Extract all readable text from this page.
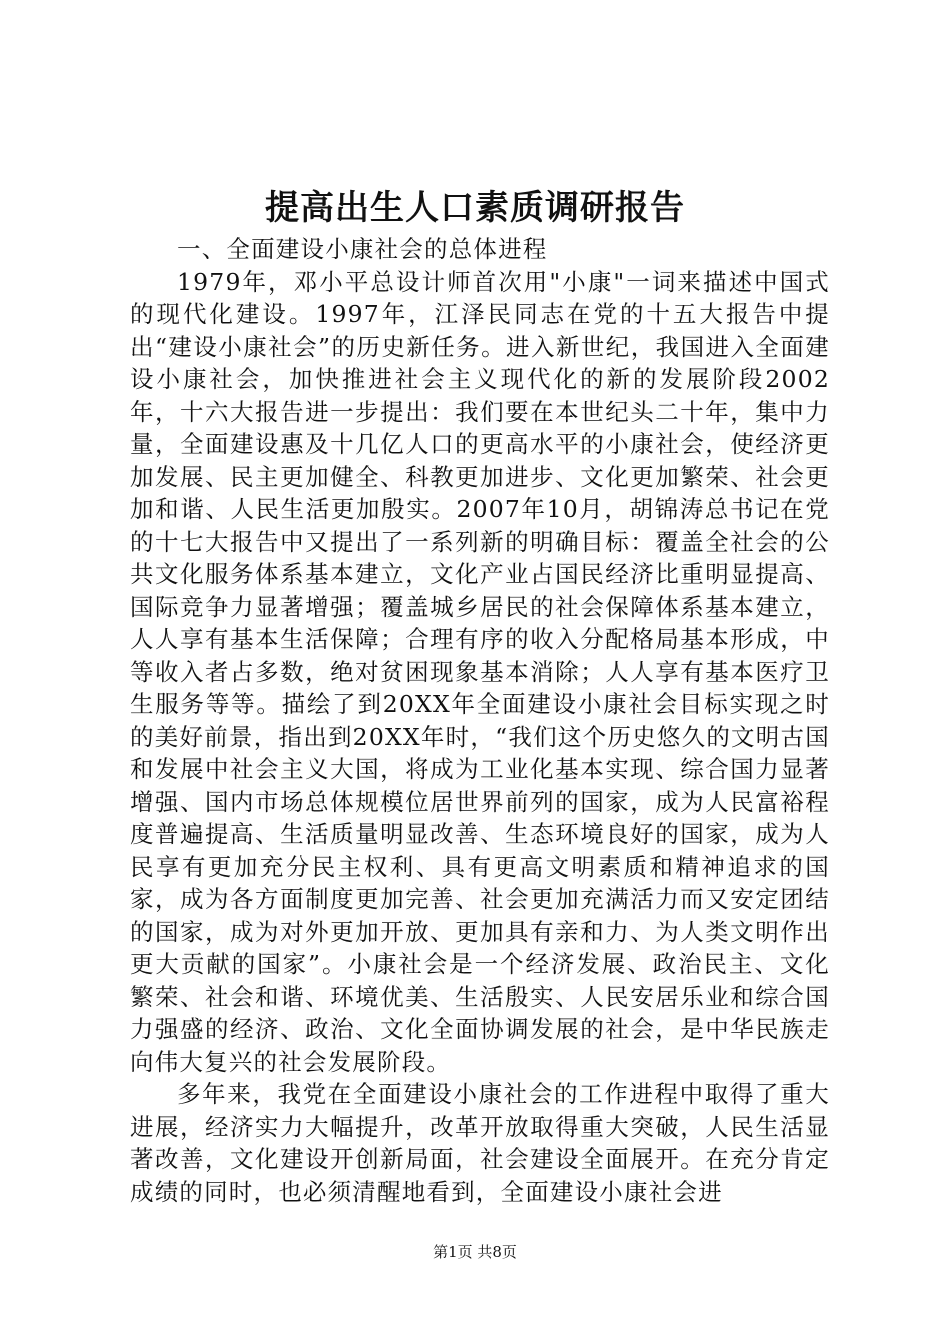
提高出生人口素质调研报告

一、全面建设小康社会的总体进程

1979年，邓小平总设计师首次用"小康"一词来描述中国式的现代化建设。1997年，江泽民同志在党的十五大报告中提出“建设小康社会”的历史新任务。进入新世纪，我国进入全面建设小康社会，加快推进社会主义现代化的新的发展阶段2002年，十六大报告进一步提出：我们要在本世纪头二十年，集中力量，全面建设惠及十几亿人口的更高水平的小康社会，使经济更加发展、民主更加健全、科教更加进步、文化更加繁荣、社会更加和谐、人民生活更加殷实。2007年10月，胡锦涛总书记在党的十七大报告中又提出了一系列新的明确目标：覆盖全社会的公共文化服务体系基本建立，文化产业占国民经济比重明显提高、国际竞争力显著增强；覆盖城乡居民的社会保障体系基本建立，人人享有基本生活保障；合理有序的收入分配格局基本形成，中等收入者占多数，绝对贫困现象基本消除；人人享有基本医疗卫生服务等等。描绘了到20XX年全面建设小康社会目标实现之时的美好前景，指出到20XX年时，“我们这个历史悠久的文明古国和发展中社会主义大国，将成为工业化基本实现、综合国力显著增强、国内市场总体规模位居世界前列的国家，成为人民富裕程度普遍提高、生活质量明显改善、生态环境良好的国家，成为人民享有更加充分民主权利、具有更高文明素质和精神追求的国家，成为各方面制度更加完善、社会更加充满活力而又安定团结的国家，成为对外更加开放、更加具有亲和力、为人类文明作出更大贡献的国家”。小康社会是一个经济发展、政治民主、文化繁荣、社会和谐、环境优美、生活殷实、人民安居乐业和综合国力强盛的经济、政治、文化全面协调发展的社会，是中华民族走向伟大复兴的社会发展阶段。

多年来，我党在全面建设小康社会的工作进程中取得了重大进展，经济实力大幅提升，改革开放取得重大突破，人民生活显著改善，文化建设开创新局面，社会建设全面展开。在充分肯定成绩的同时，也必须清醒地看到，全面建设小康社会进

第1页 共8页
